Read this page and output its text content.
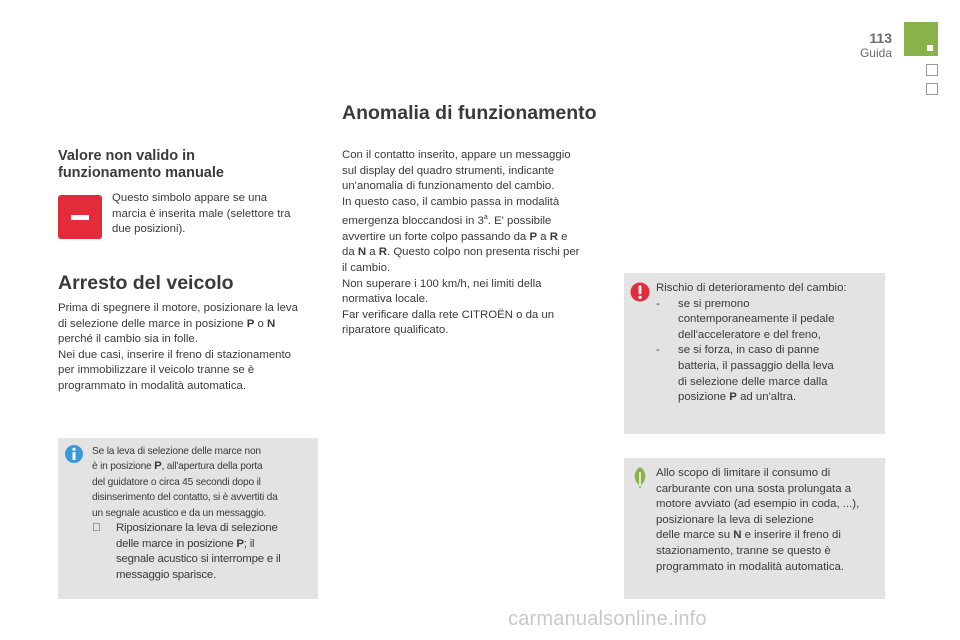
113
Guida
Valore non valido in
funzionamento manuale

Questo simbolo appare se una

marcia è inserita male (selettore tra

due posizioni).

Arresto del veicolo

Prima di spegnere il motore, posizionare la leva

di selezione delle marce in posizione P o N

perché il cambio sia in folle.

Nei due casi, inserire il freno di stazionamento

per immobilizzare il veicolo tranne se è

programmato in modalità automatica.

Se la leva di selezione delle marce non

è in posizione P, all'apertura della porta

del guidatore o circa 45 secondi dopo il

disinserimento del contatto, si è avvertiti da

un segnale acustico e da un messaggio.

Riposizionare la leva di selezione

delle marce in posizione P; il

segnale acustico si interrompe e il

messaggio sparisce.

Anomalia di funzionamento

Con il contatto inserito, appare un messaggio

sul display del quadro strumenti, indicante

un'anomalia di funzionamento del cambio.

In questo caso, il cambio passa in modalità

emergenza bloccandosi in 3$^a$. E' possibile

avvertire un forte colpo passando da P a R e

da N a R. Questo colpo non presenta rischi per

il cambio.

Non superare i 100 km/h, nei limiti della

normativa locale.

Far verificare dalla rete CITROËN o da un

riparatore qualificato.

Rischio di deterioramento del cambio:

-	se si premono

contemporaneamente il pedale

dell'acceleratore e del freno,

-	se si forza, in caso di panne

batteria, il passaggio della leva

di selezione delle marce dalla

posizione P ad un'altra.

Allo scopo di limitare il consumo di

carburante con una sosta prolungata a

motore avviato (ad esempio in coda, ...),

posizionare la leva di selezione

delle marce su N e inserire il freno di

stazionamento, tranne se questo è

programmato in modalità automatica.

carmanualsonline.info
